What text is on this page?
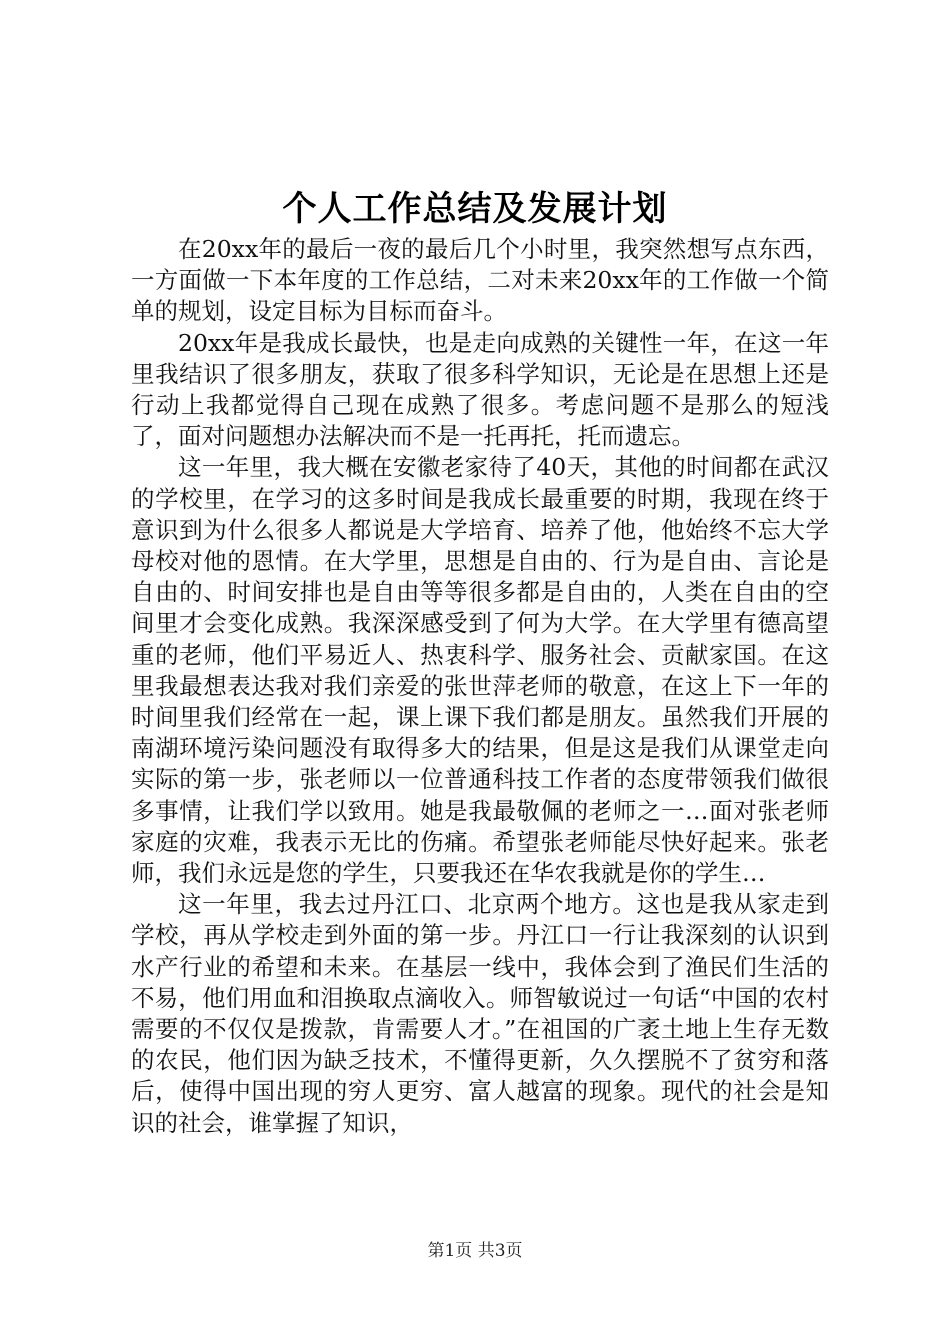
个人工作总结及发展计划

在20xx年的最后一夜的最后几个小时里，我突然想写点东西，一方面做一下本年度的工作总结，二对未来20xx年的工作做一个简单的规划，设定目标为目标而奋斗。

20xx年是我成长最快，也是走向成熟的关键性一年，在这一年里我结识了很多朋友，获取了很多科学知识，无论是在思想上还是行动上我都觉得自己现在成熟了很多。考虑问题不是那么的短浅了，面对问题想办法解决而不是一托再托，托而遗忘。

这一年里，我大概在安徽老家待了40天，其他的时间都在武汉的学校里，在学习的这多时间是我成长最重要的时期，我现在终于意识到为什么很多人都说是大学培育、培养了他，他始终不忘大学母校对他的恩情。在大学里，思想是自由的、行为是自由、言论是自由的、时间安排也是自由等等很多都是自由的，人类在自由的空间里才会变化成熟。我深深感受到了何为大学。在大学里有德高望重的老师，他们平易近人、热衷科学、服务社会、贡献家国。在这里我最想表达我对我们亲爱的张世萍老师的敬意，在这上下一年的时间里我们经常在一起，课上课下我们都是朋友。虽然我们开展的南湖环境污染问题没有取得多大的结果，但是这是我们从课堂走向实际的第一步，张老师以一位普通科技工作者的态度带领我们做很多事情，让我们学以致用。她是我最敬佩的老师之一…面对张老师家庭的灾难，我表示无比的伤痛。希望张老师能尽快好起来。张老师，我们永远是您的学生，只要我还在华农我就是你的学生…

这一年里，我去过丹江口、北京两个地方。这也是我从家走到学校，再从学校走到外面的第一步。丹江口一行让我深刻的认识到水产行业的希望和未来。在基层一线中，我体会到了渔民们生活的不易，他们用血和泪换取点滴收入。师智敏说过一句话“中国的农村需要的不仅仅是拨款，肯需要人才。”在祖国的广袤土地上生存无数的农民，他们因为缺乏技术，不懂得更新，久久摆脱不了贫穷和落后，使得中国出现的穷人更穷、富人越富的现象。现代的社会是知识的社会，谁掌握了知识，

第1页 共3页
